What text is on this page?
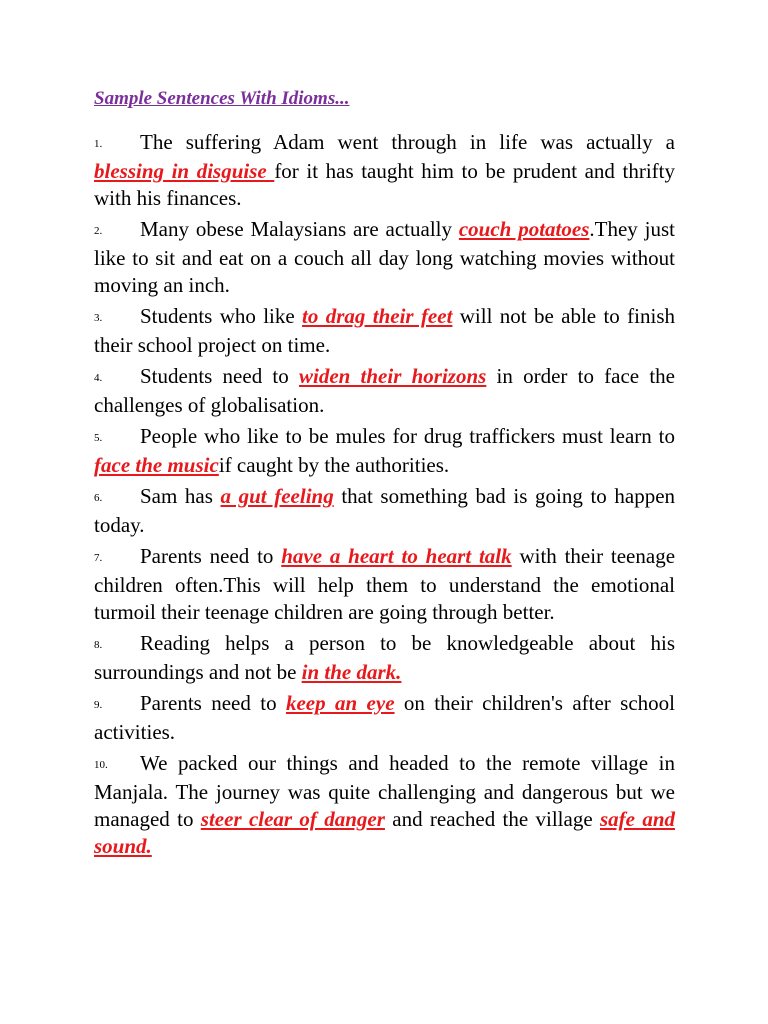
Sample Sentences With Idioms...

1. The suffering Adam went through in life was actually a blessing in disguise for it has taught him to be prudent and thrifty with his finances.

2. Many obese Malaysians are actually couch potatoes.They just like to sit and eat on a couch all day long watching movies without moving an inch.

3. Students who like to drag their feet will not be able to finish their school project on time.

4. Students need to widen their horizons in order to face the challenges of globalisation.

5. People who like to be mules for drug traffickers must learn to face the musicif caught by the authorities.

6. Sam has a gut feeling that something bad is going to happen today.

7. Parents need to have a heart to heart talk with their teenage children often.This will help them to understand the emotional turmoil their teenage children are going through better.

8. Reading helps a person to be knowledgeable about his surroundings and not be in the dark.

9. Parents need to keep an eye on their children's after school activities.

10. We packed our things and headed to the remote village in Manjala. The journey was quite challenging and dangerous but we managed to steer clear of danger and reached the village safe and sound.
